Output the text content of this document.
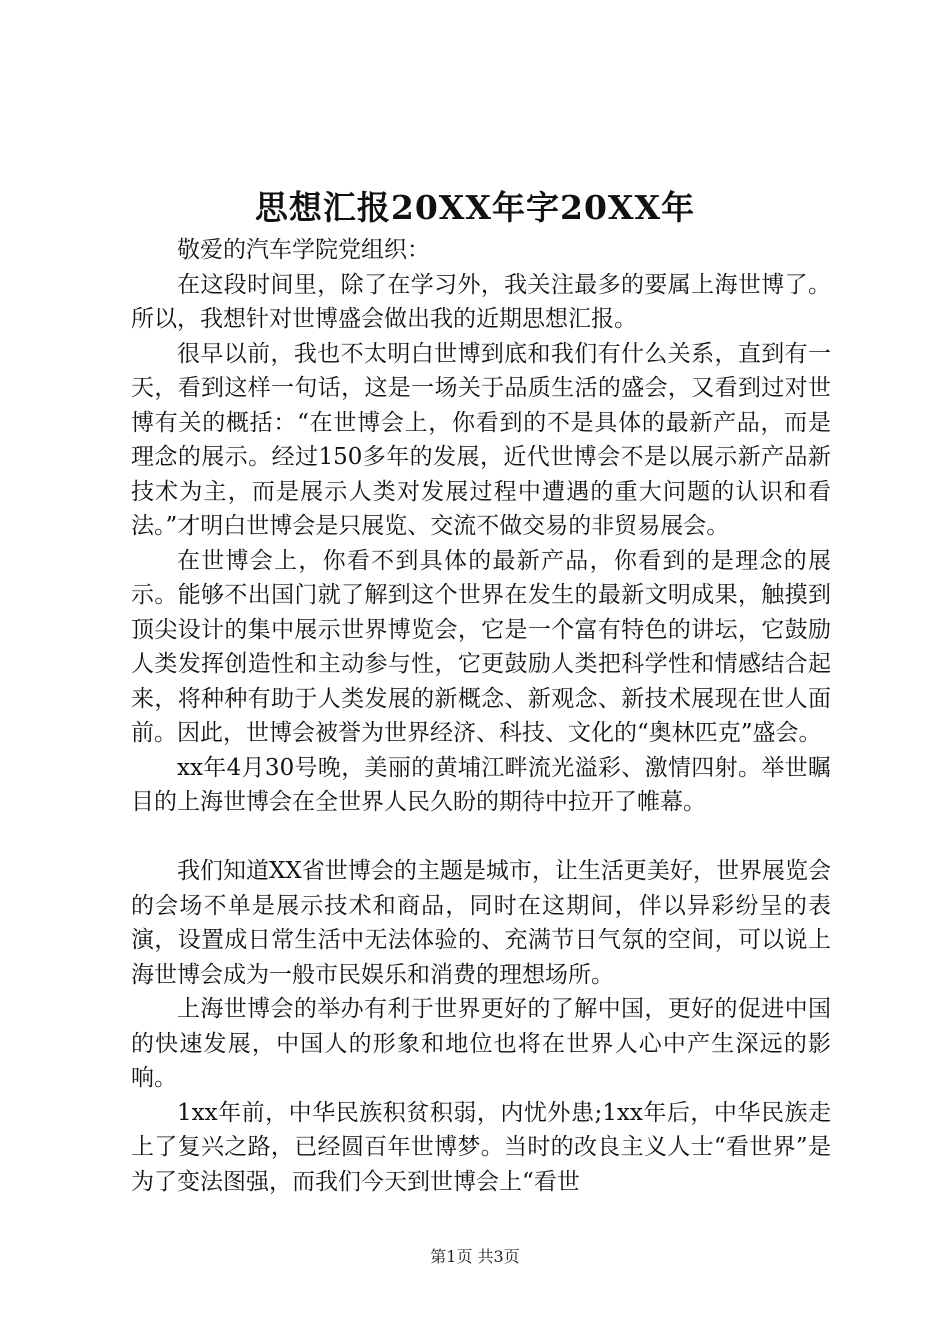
思想汇报20XX年字20XX年

敬爱的汽车学院党组织：

在这段时间里，除了在学习外，我关注最多的要属上海世博了。所以，我想针对世博盛会做出我的近期思想汇报。

很早以前，我也不太明白世博到底和我们有什么关系，直到有一天，看到这样一句话，这是一场关于品质生活的盛会，又看到过对世博有关的概括：“在世博会上，你看到的不是具体的最新产品，而是理念的展示。经过150多年的发展，近代世博会不是以展示新产品新技术为主，而是展示人类对发展过程中遭遇的重大问题的认识和看法。”才明白世博会是只展览、交流不做交易的非贸易展会。

在世博会上，你看不到具体的最新产品，你看到的是理念的展示。能够不出国门就了解到这个世界在发生的最新文明成果，触摸到顶尖设计的集中展示世界博览会，它是一个富有特色的讲坛，它鼓励人类发挥创造性和主动参与性，它更鼓励人类把科学性和情感结合起来，将种种有助于人类发展的新概念、新观念、新技术展现在世人面前。因此，世博会被誉为世界经济、科技、文化的“奥林匹克”盛会。

xx年4月30号晚，美丽的黄埔江畔流光溢彩、激情四射。举世瞩目的上海世博会在全世界人民久盼的期待中拉开了帷幕。

我们知道XX省世博会的主题是城市，让生活更美好，世界展览会的会场不单是展示技术和商品，同时在这期间，伴以异彩纷呈的表演，设置成日常生活中无法体验的、充满节日气氛的空间，可以说上海世博会成为一般市民娱乐和消费的理想场所。

上海世博会的举办有利于世界更好的了解中国，更好的促进中国的快速发展，中国人的形象和地位也将在世界人心中产生深远的影响。

1xx年前，中华民族积贫积弱，内忧外患;1xx年后，中华民族走上了复兴之路，已经圆百年世博梦。当时的改良主义人士“看世界”是为了变法图强，而我们今天到世博会上“看世

第1页 共3页
